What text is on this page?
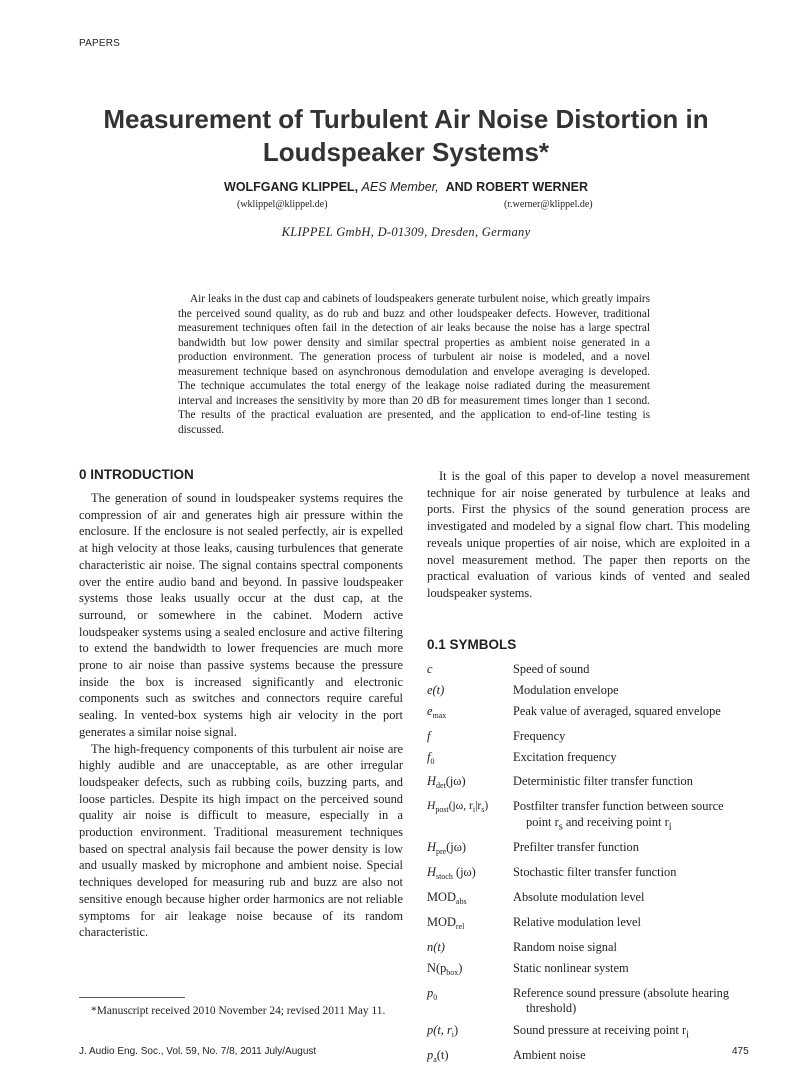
PAPERS
Measurement of Turbulent Air Noise Distortion in Loudspeaker Systems*
WOLFGANG KLIPPEL, AES Member, AND ROBERT WERNER
(wklippel@klippel.de)	(r.werner@klippel.de)
KLIPPEL GmbH, D-01309, Dresden, Germany
Air leaks in the dust cap and cabinets of loudspeakers generate turbulent noise, which greatly impairs the perceived sound quality, as do rub and buzz and other loudspeaker defects. However, traditional measurement techniques often fail in the detection of air leaks because the noise has a large spectral bandwidth but low power density and similar spectral properties as ambient noise generated in a production environment. The generation process of turbulent air noise is modeled, and a novel measurement technique based on asynchronous demodulation and envelope averaging is developed. The technique accumulates the total energy of the leakage noise radiated during the measurement interval and increases the sensitivity by more than 20 dB for measurement times longer than 1 second. The results of the practical evaluation are presented, and the application to end-of-line testing is discussed.
0 INTRODUCTION

The generation of sound in loudspeaker systems requires the compression of air and generates high air pressure within the enclosure. If the enclosure is not sealed perfectly, air is expelled at high velocity at those leaks, causing turbulences that generate characteristic air noise. The signal contains spectral components over the entire audio band and beyond. In passive loudspeaker systems those leaks usually occur at the dust cap, at the surround, or somewhere in the cabinet. Modern active loudspeaker systems using a sealed enclosure and active filtering to extend the bandwidth to lower frequencies are much more prone to air noise than passive systems because the pressure inside the box is increased significantly and electronic components such as switches and connectors require careful sealing. In vented-box systems high air velocity in the port generates a similar noise signal.

The high-frequency components of this turbulent air noise are highly audible and are unacceptable, as are other irregular loudspeaker defects, such as rubbing coils, buzzing parts, and loose particles. Despite its high impact on the perceived sound quality air noise is difficult to measure, especially in a production environment. Traditional measurement techniques based on spectral analysis fail because the power density is low and usually masked by microphone and ambient noise. Special techniques developed for measuring rub and buzz are also not sensitive enough because higher order harmonics are not reliable symptoms for air leakage noise because of its random characteristic.

It is the goal of this paper to develop a novel measurement technique for air noise generated by turbulence at leaks and ports. First the physics of the sound generation process are investigated and modeled by a signal flow chart. This modeling reveals unique properties of air noise, which are exploited in a novel measurement method. The paper then reports on the practical evaluation of various kinds of vented and sealed loudspeaker systems.

0.1 SYMBOLS
c	Speed of sound
e(t)	Modulation envelope
$e_{max}$	Peak value of averaged, squared envelope
f	Frequency
$f_0$	Excitation frequency
$H_{det}(j\omega)$	Deterministic filter transfer function
$H_{post}(j\omega$, $r_i|r_s$)	Postfilter transfer function between source
point $r_s$ and receiving point $r_i$
$H_{pre}(j\omega)$	Prefilter transfer function
$H_{stoch}$ (jω)	Stochastic filter transfer function
$MOD_{abs}$	Absolute modulation level
$MOD_{rel}$	Relative modulation level
n(t)	Random noise signal
$N(p_{box})$	Static nonlinear system
$p_0$	Reference sound pressure (absolute hearing
threshold)
p(t, $r_i$)	Sound pressure at receiving point $r_i$
$p_a(t)$	Ambient noise
*Manuscript received 2010 November 24; revised 2011 May 11.
J. Audio Eng. Soc., Vol. 59, No. 7/8, 2011 July/August	475
